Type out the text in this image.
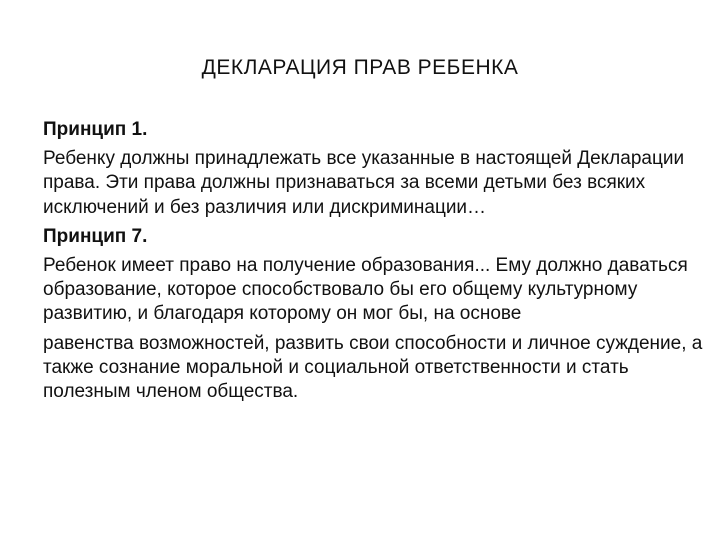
ДЕКЛАРАЦИЯ ПРАВ РЕБЕНКА

Принцип 1.

Ребенку должны принадлежать все указанные в настоящей Декларации права. Эти права должны признаваться за всеми детьми без всяких исключений и без различия или дискриминации…

Принцип 7.

Ребенок имеет право на получение образования... Ему должно даваться образование, которое способствовало бы его общему культурному развитию, и благодаря которому он мог бы, на основе

равенства возможностей, развить свои способности и личное суждение, а также сознание моральной и социальной ответственности и стать полезным членом общества.
